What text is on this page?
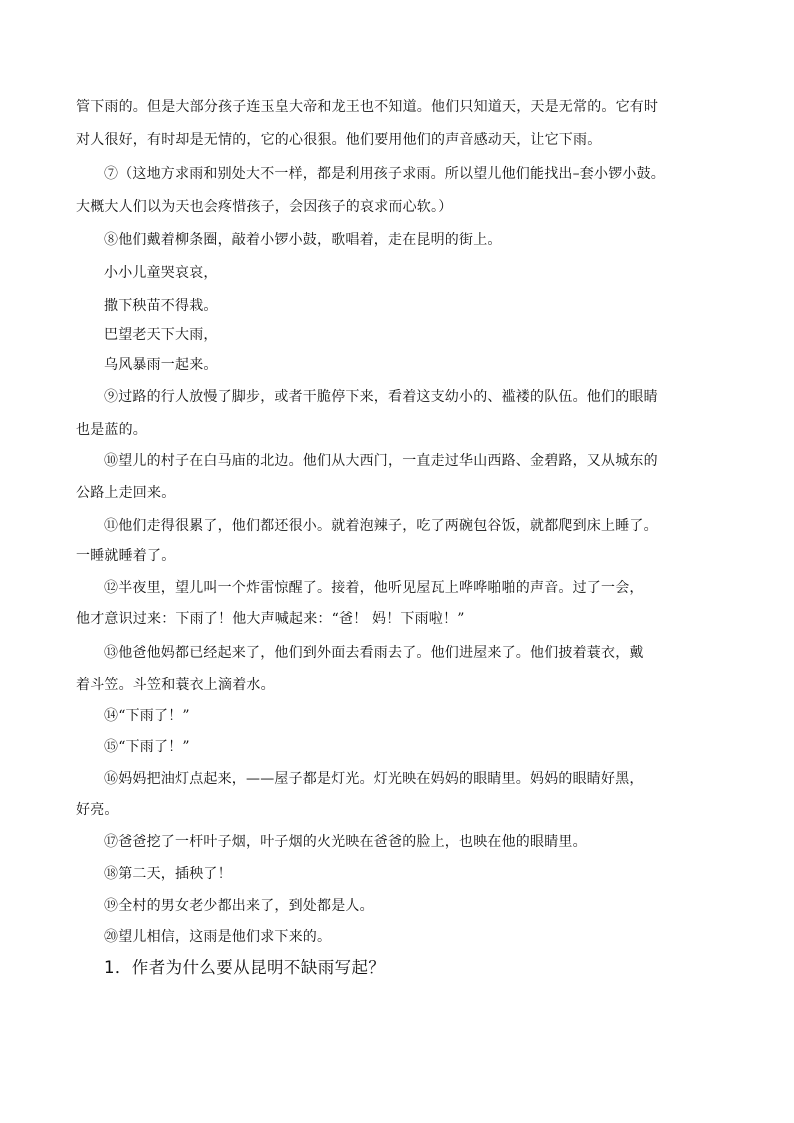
管下雨的。但是大部分孩子连玉皇大帝和龙王也不知道。他们只知道天，天是无常的。它有时
对人很好，有时却是无情的，它的心很狠。他们要用他们的声音感动天，让它下雨。
⑦（这地方求雨和别处大不一样，都是利用孩子求雨。所以望儿他们能找出–套小锣小鼓。
大概大人们以为天也会疼惜孩子，会因孩子的哀求而心软。）
⑧他们戴着柳条圈，敲着小锣小鼓，歌唱着，走在昆明的街上。
小小儿童哭哀哀，
撒下秧苗不得栽。
巴望老天下大雨，
乌风暴雨一起来。
⑨过路的行人放慢了脚步，或者干脆停下来，看着这支幼小的、褴褛的队伍。他们的眼睛
也是蓝的。
⑩望儿的村子在白马庙的北边。他们从大西门，一直走过华山西路、金碧路，又从城东的
公路上走回来。
⑪他们走得很累了，他们都还很小。就着泡辣子，吃了两碗包谷饭，就都爬到床上睡了。
一睡就睡着了。
⑫半夜里，望儿叫一个炸雷惊醒了。接着，他听见屋瓦上哗哗啪啪的声音。过了一会，
他才意识过来：下雨了！他大声喊起来：“爸！ 妈！下雨啦！”
⑬他爸他妈都已经起来了，他们到外面去看雨去了。他们进屋来了。他们披着蓑衣，戴
着斗笠。斗笠和蓑衣上滴着水。
⑭“下雨了！”
⑮“下雨了！”
⑯妈妈把油灯点起来，——屋子都是灯光。灯光映在妈妈的眼睛里。妈妈的眼睛好黑，
好亮。
⑰爸爸挖了一杆叶子烟，叶子烟的火光映在爸爸的脸上，也映在他的眼睛里。
⑱第二天，插秧了！
⑲全村的男女老少都出来了，到处都是人。
⑳望儿相信，这雨是他们求下来的。
1．作者为什么要从昆明不缺雨写起？
